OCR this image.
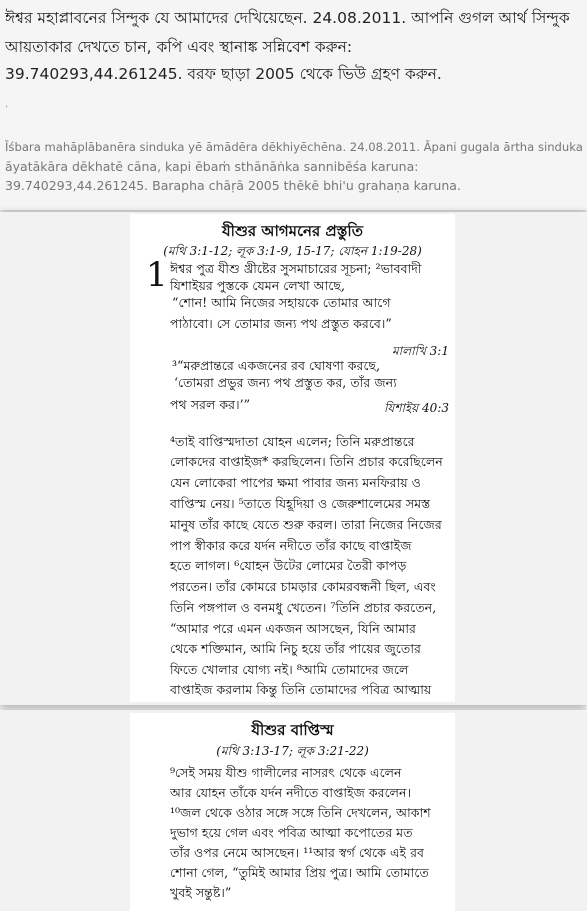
ঈশ্বর মহাপ্লাবনের সিন্দুক যে আমাদের দেখিয়েছেন. 24.08.2011. আপনি গুগল আর্থ সিন্দুক
আয়তাকার দেখতে চান, কপি এবং স্থানাঙ্ক সন্নিবেশ করুন:
39.740293,44.261245. বরফ ছাড়া 2005 থেকে ভিউ গ্রহণ করুন.
.
Īśbara mahāplābanēra sinduka yē āmādēra dēkhiyēchēna. 24.08.2011. Āpani gugala ārtha sinduka
āyatākāra dēkhatē cāna, kapi ēbaṁ sthānāṅka sannibēśa karuna:
39.740293,44.261245. Barapha chāṛā 2005 thēkē bhi'u grahaṇa karuna.
যীশুর আগমনের প্রস্তুতি
(মথি 3:1-12; লূক 3:1-9, 15-17; যোহন 1:19-28)
1 ঈশ্বর পুত্র যীশু খ্রীষ্টের সুসমাচারের সূচনা; ²ভাববাদী
যিশাইয়র পুস্তকে যেমন লেখা আছে,
“শোন! আমি নিজের সহায়কে তোমার আগে
পাঠাবো। সে তোমার জন্য পথ প্রস্তুত করবে।”
মালাখি 3:1
³“মরুপ্রান্তরে একজনের রব ঘোষণা করছে,
‘তোমরা প্রভুর জন্য পথ প্রস্তুত কর, তাঁর জন্য
পথ সরল কর।’”	যিশাইয় 40:3
⁴তাই বাপ্তিস্মদাতা যোহন এলেন; তিনি মরুপ্রান্তরে
লোকদের বাপ্তাইজ* করছিলেন। তিনি প্রচার করেছিলেন
যেন লোকেরা পাপের ক্ষমা পাবার জন্য মনফিরায় ও
বাপ্তিস্ম নেয়। ⁵তাতে যিহূদিয়া ও জেরুশালেমের সমস্ত
মানুষ তাঁর কাছে যেতে শুরু করল। তারা নিজের নিজের
পাপ স্বীকার করে যর্দন নদীতে তাঁর কাছে বাপ্তাইজ
হতে লাগল। ⁶যোহন উটের লোমের তৈরী কাপড়
পরতেন। তাঁর কোমরে চামড়ার কোমরবন্ধনী ছিল, এবং
তিনি পঙ্গপাল ও বনমধু খেতেন। ⁷তিনি প্রচার করতেন,
“আমার পরে এমন একজন আসছেন, যিনি আমার
থেকে শক্তিমান, আমি নিচু হয়ে তাঁর পায়ের জুতোর
ফিতে খোলার যোগ্য নই। ⁸আমি তোমাদের জলে
বাপ্তাইজ করলাম কিন্তু তিনি তোমাদের পবিত্র আত্মায়
যীশুর বাপ্তিস্ম
(মথি 3:13-17; লূক 3:21-22)
⁹সেই সময় যীশু গালীলের নাসরৎ থেকে এলেন
আর যোহন তাঁকে যর্দন নদীতে বাপ্তাইজ করলেন।
¹⁰জল থেকে ওঠার সঙ্গে সঙ্গে তিনি দেখলেন, আকাশ
দুভাগ হয়ে গেল এবং পবিত্র আত্মা কপোতের মত
তাঁর ওপর নেমে আসছেন। ¹¹আর স্বর্গ থেকে এই রব
শোনা গেল, “তুমিই আমার প্রিয় পুত্র। আমি তোমাতে
খুবই সন্তুষ্ট।”
